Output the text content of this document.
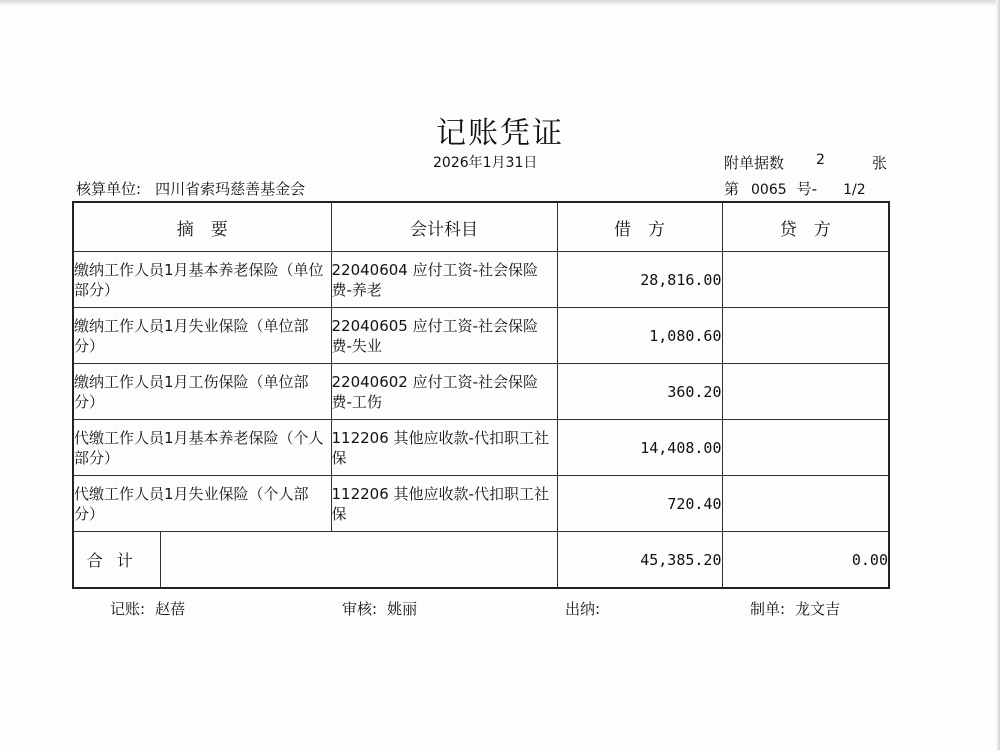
记账凭证
2026年1月31日	附单据数 2	张
核算单位: 四川省索玛慈善基金会	第 0065 号- 1/2
摘　要		会计科目	借　方	贷　方
缴纳工作人员1月基本养老保险（单位部分）		22040604 应付工资-社会保险费-养老	28,816.00	
缴纳工作人员1月失业保险（单位部分）		22040605 应付工资-社会保险费-失业	1,080.60	
缴纳工作人员1月工伤保险（单位部分）		22040602 应付工资-社会保险费-工伤	360.20	
代缴工作人员1月基本养老保险（个人部分）		112206 其他应收款-代扣职工社保	14,408.00	
代缴工作人员1月失业保险（个人部分）		112206 其他应收款-代扣职工社保	720.40	
合计			45,385.20	0.00
记账: 赵蓓	审核: 姚丽	出纳:	制单: 龙文吉
